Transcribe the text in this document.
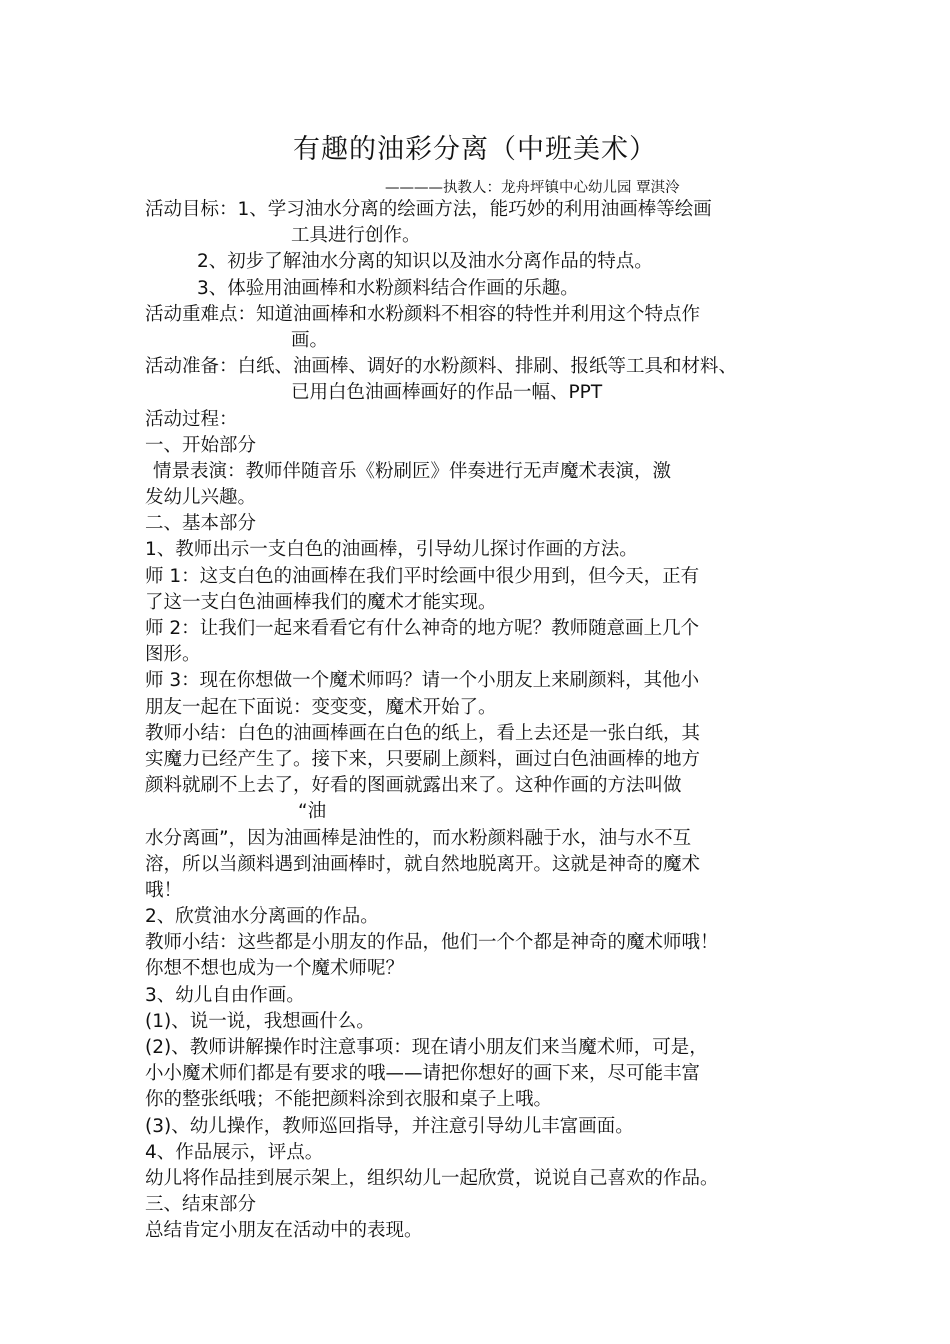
有趣的油彩分离（中班美术）
————执教人：龙舟坪镇中心幼儿园 覃淇泠
活动目标：1、学习油水分离的绘画方法，能巧妙的利用油画棒等绘画
工具进行创作。
2、初步了解油水分离的知识以及油水分离作品的特点。
3、体验用油画棒和水粉颜料结合作画的乐趣。
活动重难点：知道油画棒和水粉颜料不相容的特性并利用这个特点作
画。
活动准备：白纸、油画棒、调好的水粉颜料、排刷、报纸等工具和材料、
已用白色油画棒画好的作品一幅、PPT
活动过程：
一、开始部分
情景表演：教师伴随音乐《粉刷匠》伴奏进行无声魔术表演，激
发幼儿兴趣。
二、基本部分
1、教师出示一支白色的油画棒，引导幼儿探讨作画的方法。
师 1：这支白色的油画棒在我们平时绘画中很少用到，但今天，正有
了这一支白色油画棒我们的魔术才能实现。
师 2：让我们一起来看看它有什么神奇的地方呢？教师随意画上几个
图形。
师 3：现在你想做一个魔术师吗？请一个小朋友上来刷颜料，其他小
朋友一起在下面说：变变变，魔术开始了。
教师小结：白色的油画棒画在白色的纸上，看上去还是一张白纸，其
实魔力已经产生了。接下来，只要刷上颜料，画过白色油画棒的地方
颜料就刷不上去了，好看的图画就露出来了。这种作画的方法叫做
“油
水分离画”，因为油画棒是油性的，而水粉颜料融于水，油与水不互
溶，所以当颜料遇到油画棒时，就自然地脱离开。这就是神奇的魔术
哦！
2、欣赏油水分离画的作品。
教师小结：这些都是小朋友的作品，他们一个个都是神奇的魔术师哦！
你想不想也成为一个魔术师呢？
3、幼儿自由作画。
(1)、说一说，我想画什么。
(2)、教师讲解操作时注意事项：现在请小朋友们来当魔术师，可是，
小小魔术师们都是有要求的哦——请把你想好的画下来，尽可能丰富
你的整张纸哦；不能把颜料涂到衣服和桌子上哦。
(3)、幼儿操作，教师巡回指导，并注意引导幼儿丰富画面。
4、作品展示，评点。
幼儿将作品挂到展示架上，组织幼儿一起欣赏，说说自己喜欢的作品。
三、结束部分
总结肯定小朋友在活动中的表现。
